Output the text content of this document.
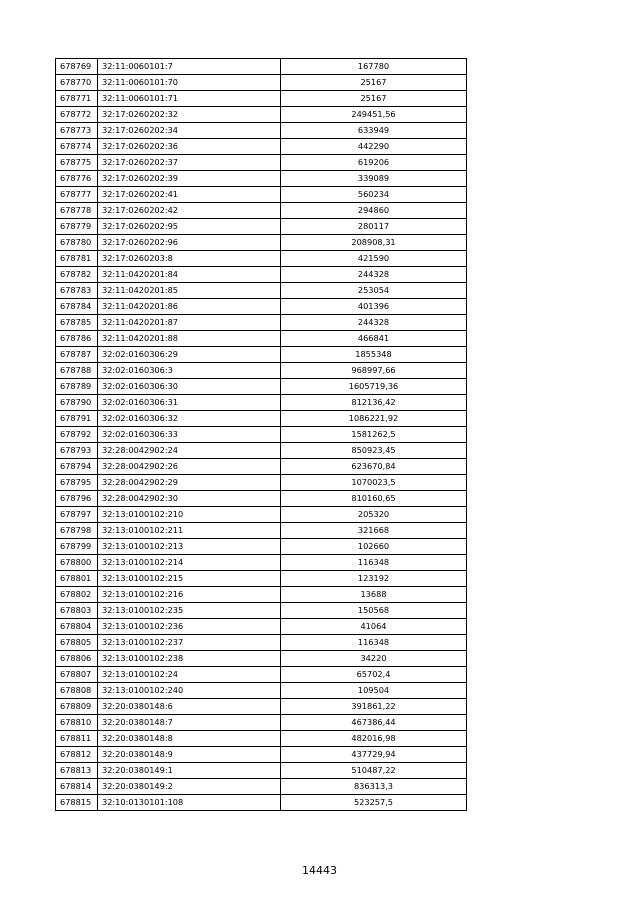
678769	32:11:0060101:7	167780
678770	32:11:0060101:70	25167
678771	32:11:0060101:71	25167
678772	32:17:0260202:32	249451,56
678773	32:17:0260202:34	633949
678774	32:17:0260202:36	442290
678775	32:17:0260202:37	619206
678776	32:17:0260202:39	339089
678777	32:17:0260202:41	560234
678778	32:17:0260202:42	294860
678779	32:17:0260202:95	280117
678780	32:17:0260202:96	208908,31
678781	32:17:0260203:8	421590
678782	32:11:0420201:84	244328
678783	32:11:0420201:85	253054
678784	32:11:0420201:86	401396
678785	32:11:0420201:87	244328
678786	32:11:0420201:88	466841
678787	32:02:0160306:29	1855348
678788	32:02:0160306:3	968997,66
678789	32:02:0160306:30	1605719,36
678790	32:02:0160306:31	812136,42
678791	32:02:0160306:32	1086221,92
678792	32:02:0160306:33	1581262,5
678793	32:28:0042902:24	850923,45
678794	32:28:0042902:26	623670,84
678795	32:28:0042902:29	1070023,5
678796	32:28:0042902:30	810160,65
678797	32:13:0100102:210	205320
678798	32:13:0100102:211	321668
678799	32:13:0100102:213	102660
678800	32:13:0100102:214	116348
678801	32:13:0100102:215	123192
678802	32:13:0100102:216	13688
678803	32:13:0100102:235	150568
678804	32:13:0100102:236	41064
678805	32:13:0100102:237	116348
678806	32:13:0100102:238	34220
678807	32:13:0100102:24	65702,4
678808	32:13:0100102:240	109504
678809	32:20:0380148:6	391861,22
678810	32:20:0380148:7	467386,44
678811	32:20:0380148:8	482016,98
678812	32:20:0380148:9	437729,94
678813	32:20:0380149:1	510487,22
678814	32:20:0380149:2	836313,3
678815	32:10:0130101:108	523257,5
14443
